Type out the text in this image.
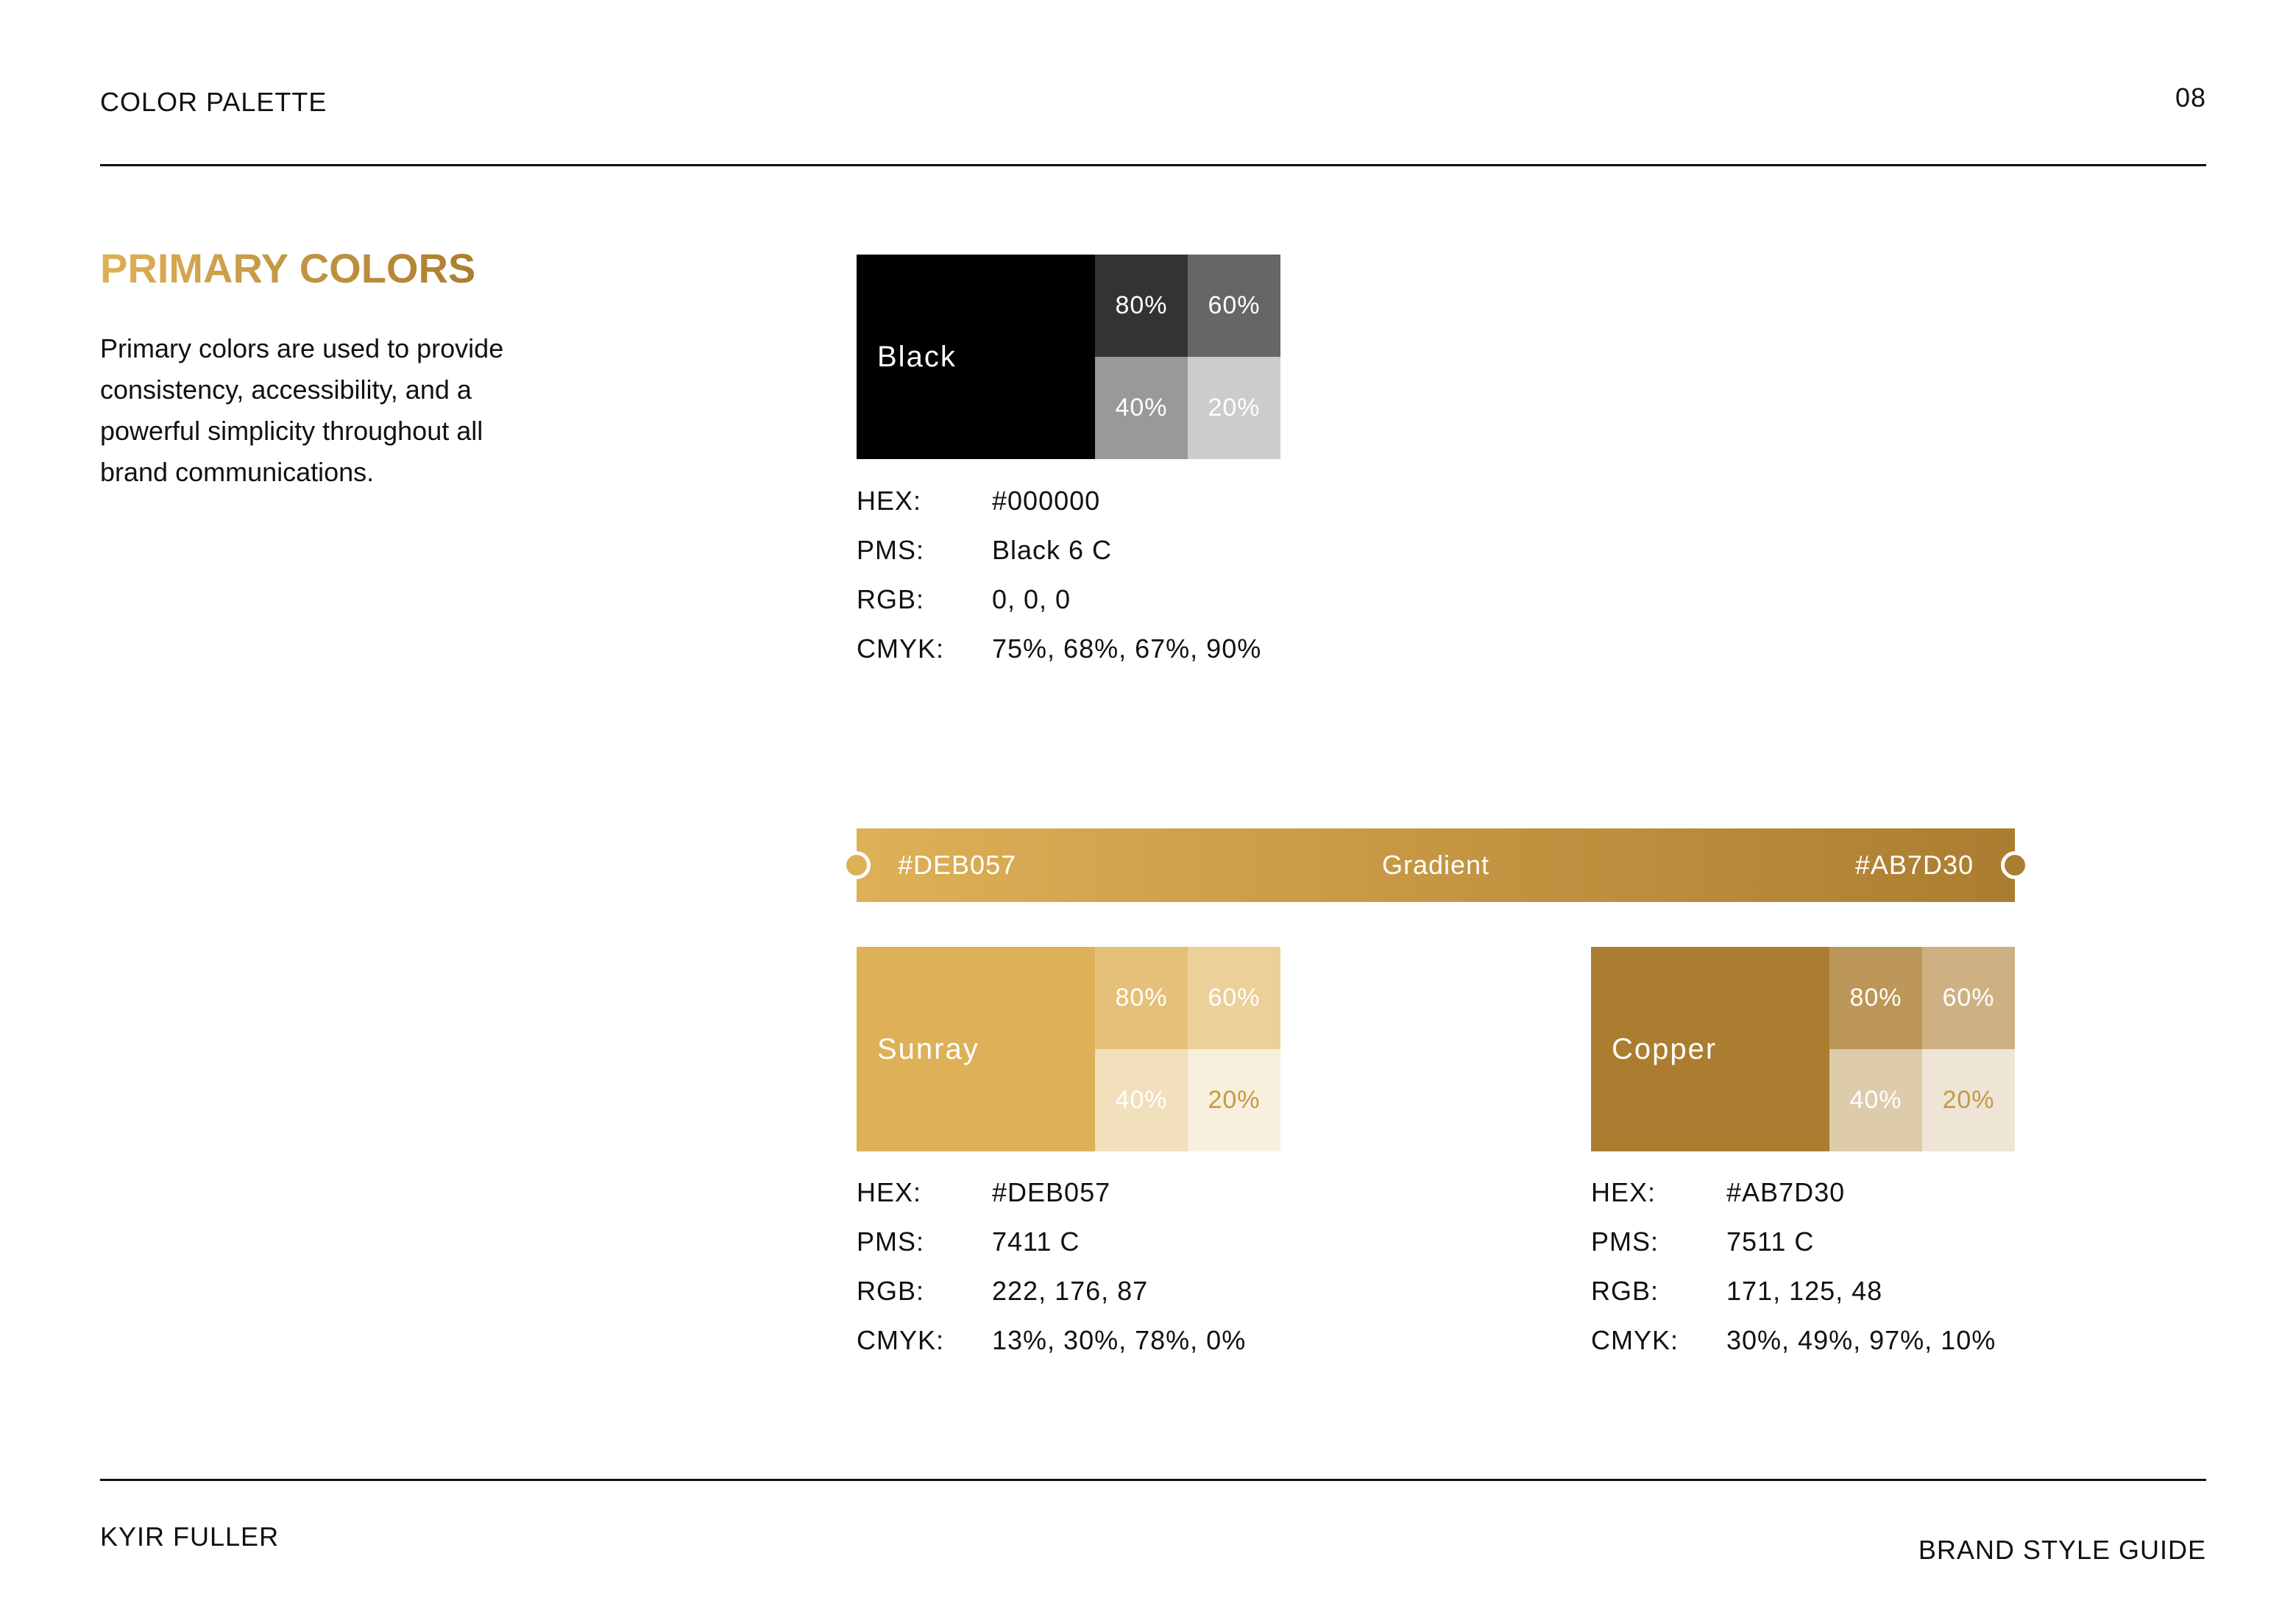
COLOR PALETTE	08
PRIMARY COLORS
Primary colors are used to provide consistency, accessibility, and a powerful simplicity throughout all brand communications.
Black
80%	60%
40%	20%
HEX:	#000000
PMS:	Black 6 C
RGB:	0, 0, 0
CMYK:	75%, 68%, 67%, 90%
#DEB057	Gradient	#AB7D30
Sunray
80%	60%
40%	20%
HEX:	#DEB057
PMS:	7411 C
RGB:	222, 176, 87
CMYK:	13%, 30%, 78%, 0%
Copper
80%	60%
40%	20%
HEX:	#AB7D30
PMS:	7511 C
RGB:	171, 125, 48
CMYK:	30%, 49%, 97%, 10%
KYIR FULLER	BRAND STYLE GUIDE
